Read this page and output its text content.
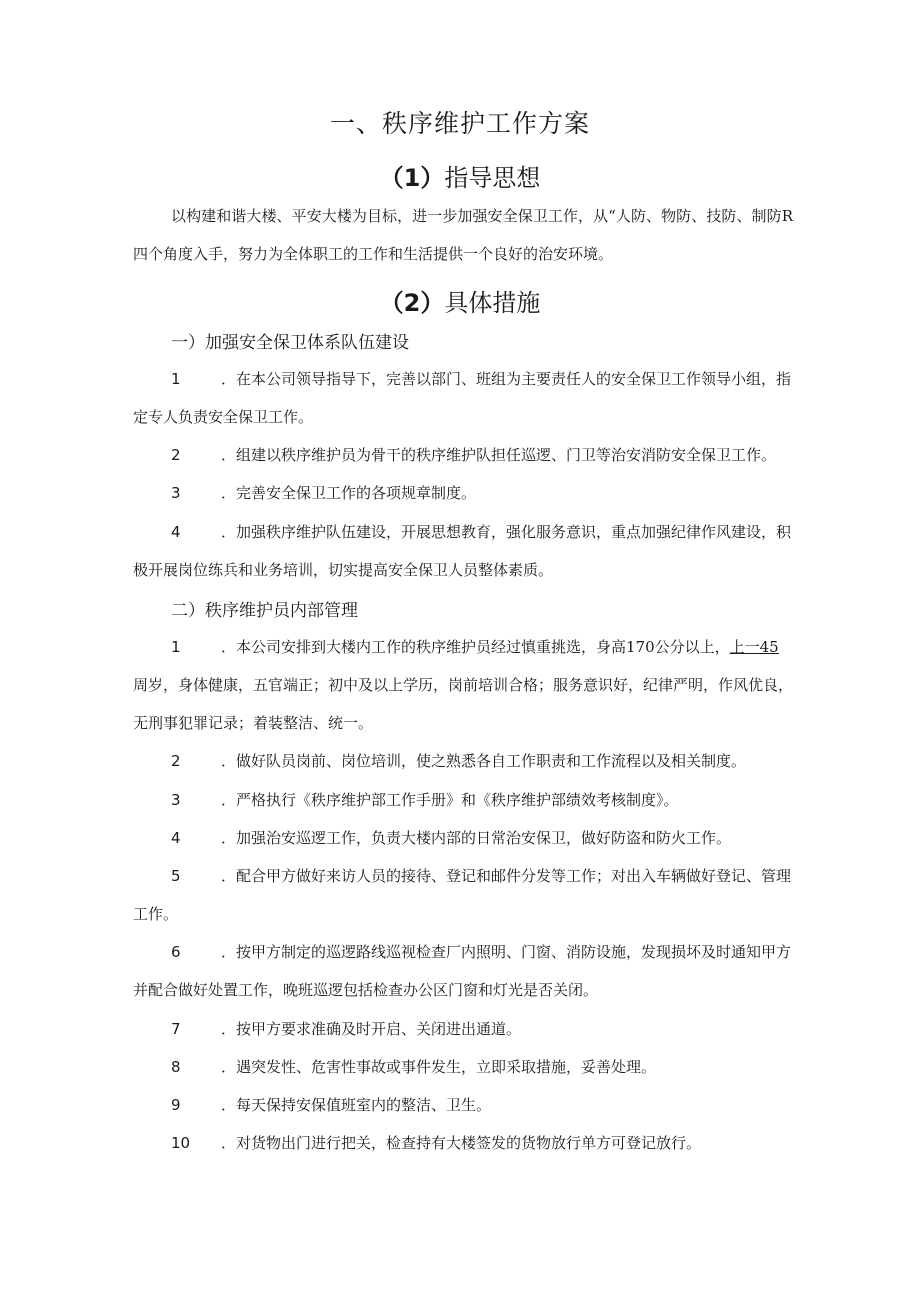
一、秩序维护工作方案
（1）指导思想

以构建和谐大楼、平安大楼为目标，进一步加强安全保卫工作，从“人防、物防、技防、制防R四个角度入手，努力为全体职工的工作和生活提供一个良好的治安环境。

（2）具体措施
一）加强安全保卫体系队伍建设

1	．在本公司领导指导下，完善以部门、班组为主要责任人的安全保卫工作领导小组，指定专人负责安全保卫工作。

2	．组建以秩序维护员为骨干的秩序维护队担任巡逻、门卫等治安消防安全保卫工作。

3	．完善安全保卫工作的各项规章制度。

4	．加强秩序维护队伍建设，开展思想教育，强化服务意识，重点加强纪律作风建设，积极开展岗位练兵和业务培训，切实提高安全保卫人员整体素质。

二）秩序维护员内部管理

1	．本公司安排到大楼内工作的秩序维护员经过慎重挑选，身高170公分以上，上一45周岁，身体健康，五官端正；初中及以上学历，岗前培训合格；服务意识好，纪律严明，作风优良，无刑事犯罪记录；着装整洁、统一。

2	．做好队员岗前、岗位培训，使之熟悉各自工作职责和工作流程以及相关制度。

3	．严格执行《秩序维护部工作手册》和《秩序维护部绩效考核制度》。

4	．加强治安巡逻工作，负责大楼内部的日常治安保卫，做好防盗和防火工作。

5	．配合甲方做好来访人员的接待、登记和邮件分发等工作；对出入车辆做好登记、管理工作。

6	．按甲方制定的巡逻路线巡视检查厂内照明、门窗、消防设施，发现损坏及时通知甲方并配合做好处置工作，晚班巡逻包括检查办公区门窗和灯光是否关闭。

7	．按甲方要求准确及时开启、关闭进出通道。

8	．遇突发性、危害性事故或事件发生，立即采取措施，妥善处理。

9	．每天保持安保值班室内的整洁、卫生。

10 ．对货物出门进行把关，检查持有大楼签发的货物放行单方可登记放行。
